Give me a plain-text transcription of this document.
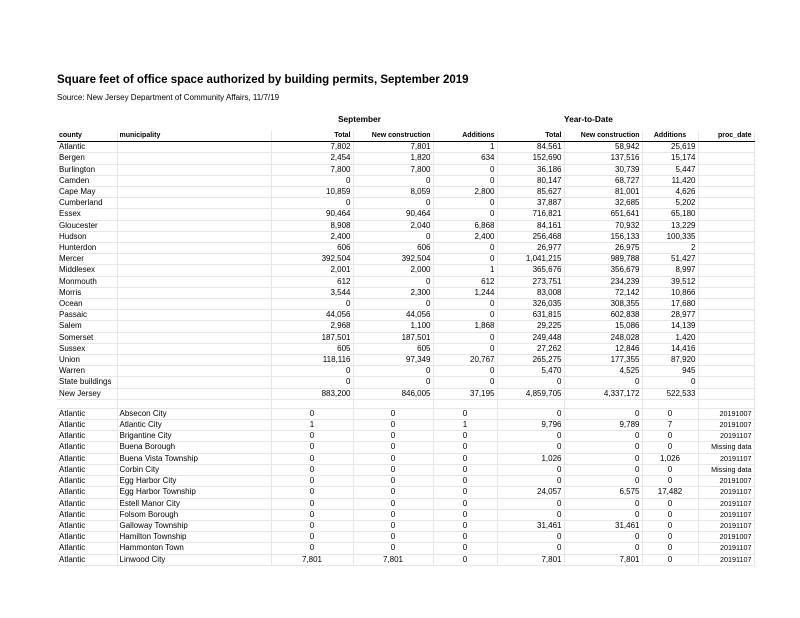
Square feet of office space authorized by building permits, September 2019
Source: New Jersey Department of Community Affairs, 11/7/19
September	Year-to-Date
county	municipality	Total	New construction	Additions	Total	New construction	Additions	proc_date
Atlantic		7,802	7,801	1	84,561	58,942	25,619	
Bergen		2,454	1,820	634	152,690	137,516	15,174	
Burlington		7,800	7,800	0	36,186	30,739	5,447	
Camden		0	0	0	80,147	68,727	11,420	
Cape May		10,859	8,059	2,800	85,627	81,001	4,626	
Cumberland		0	0	0	37,887	32,685	5,202	
Essex		90,464	90,464	0	716,821	651,641	65,180	
Gloucester		8,908	2,040	6,868	84,161	70,932	13,229	
Hudson		2,400	0	2,400	256,468	156,133	100,335	
Hunterdon		606	606	0	26,977	26,975	2	
Mercer		392,504	392,504	0	1,041,215	989,788	51,427	
Middlesex		2,001	2,000	1	365,676	356,679	8,997	
Monmouth		612	0	612	273,751	234,239	39,512	
Morris		3,544	2,300	1,244	83,008	72,142	10,866	
Ocean		0	0	0	326,035	308,355	17,680	
Passaic		44,056	44,056	0	631,815	602,838	28,977	
Salem		2,968	1,100	1,868	29,225	15,086	14,139	
Somerset		187,501	187,501	0	249,448	248,028	1,420	
Sussex		605	605	0	27,262	12,846	14,416	
Union		118,116	97,349	20,767	265,275	177,355	87,920	
Warren		0	0	0	5,470	4,525	945	
State buildings		0	0	0	0	0	0	
New Jersey		883,200	846,005	37,195	4,859,705	4,337,172	522,533	

Atlantic	Absecon City	0	0	0	0	0	0	20191007
Atlantic	Atlantic City	1	0	1	9,796	9,789	7	20191007
Atlantic	Brigantine City	0	0	0	0	0	0	20191107
Atlantic	Buena Borough	0	0	0	0	0	0	Missing data
Atlantic	Buena Vista Township	0	0	0	1,026	0	1,026	20191107
Atlantic	Corbin City	0	0	0	0	0	0	Missing data
Atlantic	Egg Harbor City	0	0	0	0	0	0	20191007
Atlantic	Egg Harbor Township	0	0	0	24,057	6,575	17,482	20191107
Atlantic	Estell Manor City	0	0	0	0	0	0	20191107
Atlantic	Folsom Borough	0	0	0	0	0	0	20191107
Atlantic	Galloway Township	0	0	0	31,461	31,461	0	20191107
Atlantic	Hamilton Township	0	0	0	0	0	0	20191007
Atlantic	Hammonton Town	0	0	0	0	0	0	20191107
Atlantic	Linwood City	7,801	7,801	0	7,801	7,801	0	20191107
